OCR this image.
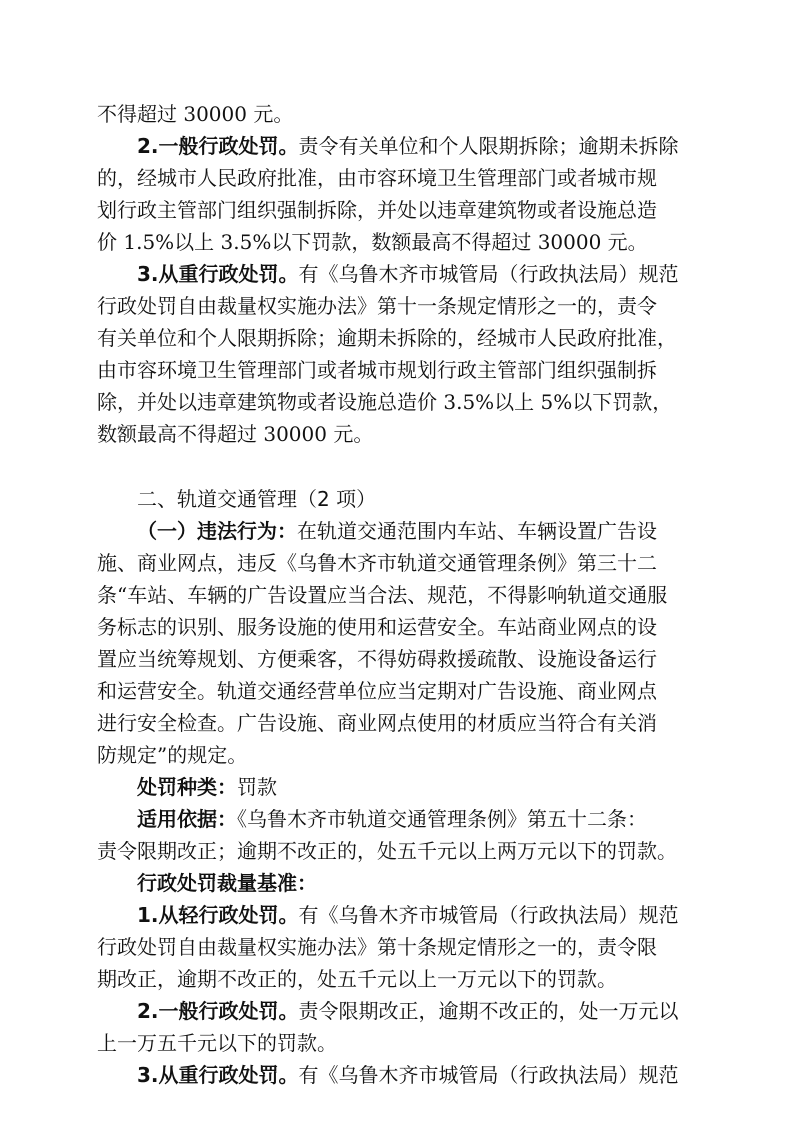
不得超过 30000 元。
2.一般行政处罚。责令有关单位和个人限期拆除；逾期未拆除
的，经城市人民政府批准，由市容环境卫生管理部门或者城市规
划行政主管部门组织强制拆除，并处以违章建筑物或者设施总造
价 1.5%以上 3.5%以下罚款，数额最高不得超过 30000 元。
3.从重行政处罚。有《乌鲁木齐市城管局（行政执法局）规范
行政处罚自由裁量权实施办法》第十一条规定情形之一的，责令
有关单位和个人限期拆除；逾期未拆除的，经城市人民政府批准，
由市容环境卫生管理部门或者城市规划行政主管部门组织强制拆
除，并处以违章建筑物或者设施总造价 3.5%以上 5%以下罚款，
数额最高不得超过 30000 元。
二、轨道交通管理（2 项）
（一）违法行为：在轨道交通范围内车站、车辆设置广告设
施、商业网点，违反《乌鲁木齐市轨道交通管理条例》第三十二
条“车站、车辆的广告设置应当合法、规范，不得影响轨道交通服
务标志的识别、服务设施的使用和运营安全。车站商业网点的设
置应当统筹规划、方便乘客，不得妨碍救援疏散、设施设备运行
和运营安全。轨道交通经营单位应当定期对广告设施、商业网点
进行安全检查。广告设施、商业网点使用的材质应当符合有关消
防规定”的规定。
处罚种类：罚款
适用依据：《乌鲁木齐市轨道交通管理条例》第五十二条：
责令限期改正；逾期不改正的，处五千元以上两万元以下的罚款。
行政处罚裁量基准：
1.从轻行政处罚。有《乌鲁木齐市城管局（行政执法局）规范
行政处罚自由裁量权实施办法》第十条规定情形之一的，责令限
期改正，逾期不改正的，处五千元以上一万元以下的罚款。
2.一般行政处罚。责令限期改正，逾期不改正的，处一万元以
上一万五千元以下的罚款。
3.从重行政处罚。有《乌鲁木齐市城管局（行政执法局）规范
